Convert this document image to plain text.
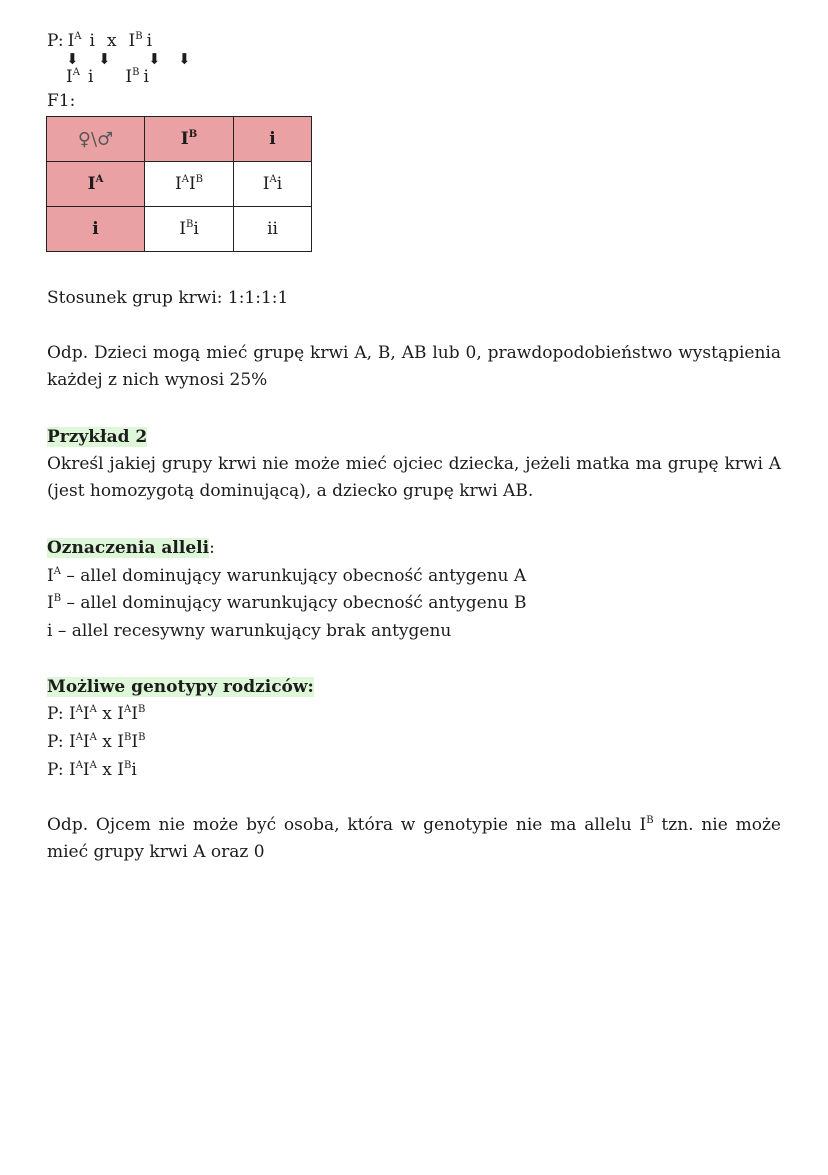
P: $I^A$ i x $I^B$ i
⬇ ⬇ ⬇ ⬇
$I^A$ i $I^B$ i
F1:
♀\♂	$I^B$	i
$I^A$	$I^AI^B$	$I^Ai$
i	$I^Bi$	ii
Stosunek grup krwi: 1:1:1:1
Odp. Dzieci mogą mieć grupę krwi A, B, AB lub 0, prawdopodobieństwo wystąpienia każdej z nich wynosi 25%
Przykład 2
Określ jakiej grupy krwi nie może mieć ojciec dziecka, jeżeli matka ma grupę krwi A (jest homozygotą dominującą), a dziecko grupę krwi AB.
Oznaczenia alleli:
$I^A$ – allel dominujący warunkujący obecność antygenu A
$I^B$ – allel dominujący warunkujący obecność antygenu B
i – allel recesywny warunkujący brak antygenu
Możliwe genotypy rodziców:
P: $I^AI^A$ x $I^AI^B$
P: $I^AI^A$ x $I^BI^B$
P: $I^AI^A$ x $I^Bi$
Odp. Ojcem nie może być osoba, która w genotypie nie ma allelu $I^B$ tzn. nie może mieć grupy krwi A oraz 0
